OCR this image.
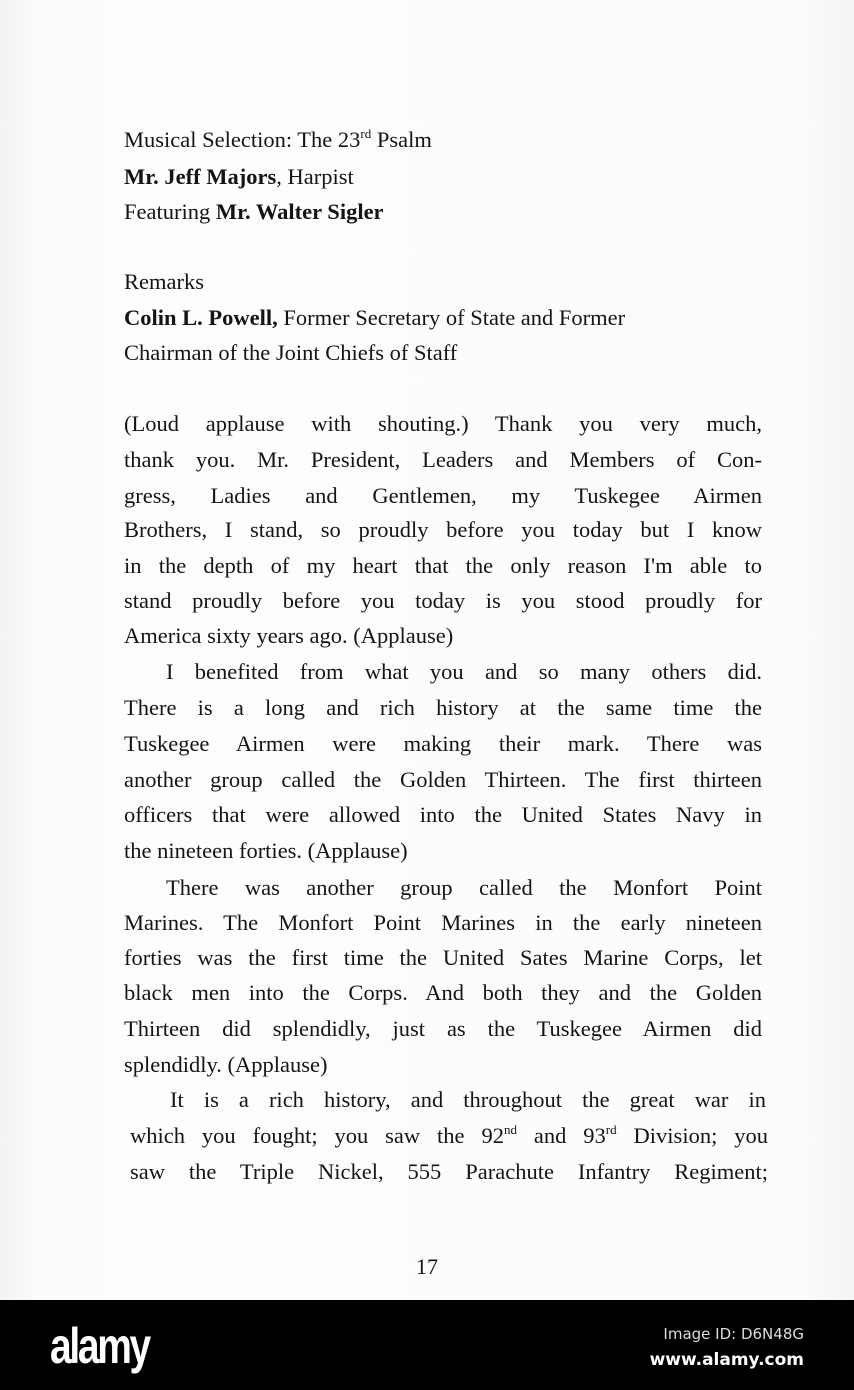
Musical Selection: The 23rd Psalm
Mr. Jeff Majors, Harpist
Featuring Mr. Walter Sigler
Remarks
Colin L. Powell, Former Secretary of State and Former
Chairman of the Joint Chiefs of Staff
(Loud applause with shouting.) Thank you very much,
thank you. Mr. President, Leaders and Members of Con-
gress, Ladies and Gentlemen, my Tuskegee Airmen
Brothers, I stand, so proudly before you today but I know
in the depth of my heart that the only reason I'm able to
stand proudly before you today is you stood proudly for
America sixty years ago. (Applause)
I benefited from what you and so many others did.
There is a long and rich history at the same time the
Tuskegee Airmen were making their mark. There was
another group called the Golden Thirteen. The first thirteen
officers that were allowed into the United States Navy in
the nineteen forties. (Applause)
There was another group called the Monfort Point
Marines. The Monfort Point Marines in the early nineteen
forties was the first time the United Sates Marine Corps, let
black men into the Corps. And both they and the Golden
Thirteen did splendidly, just as the Tuskegee Airmen did
splendidly. (Applause)
It is a rich history, and throughout the great war in
which you fought; you saw the 92nd and 93rd Division; you
saw the Triple Nickel, 555 Parachute Infantry Regiment;
17
alamy	Image ID: D6N48G
www.alamy.com
